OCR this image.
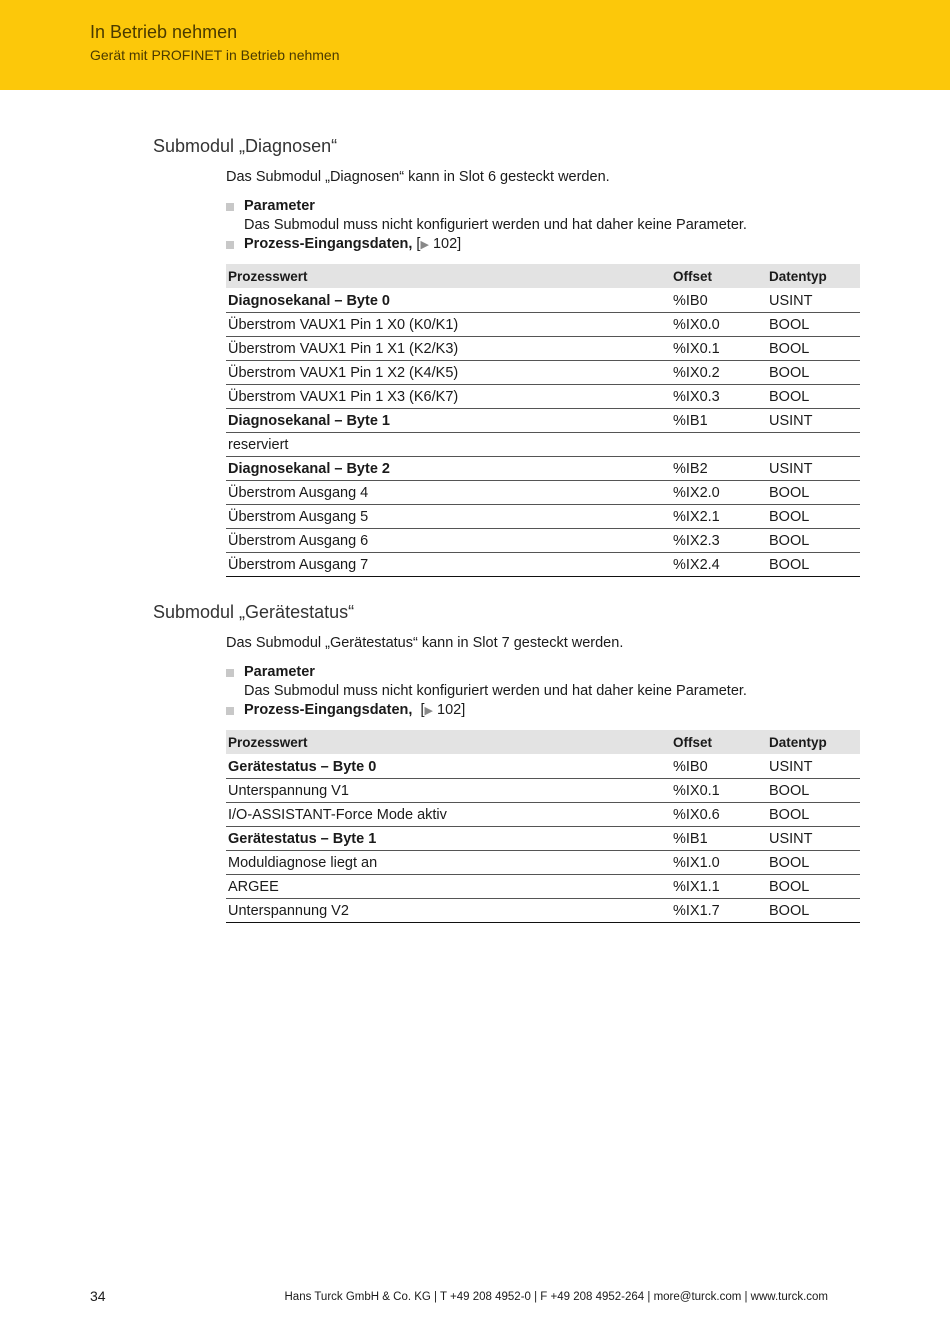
In Betrieb nehmen
Gerät mit PROFINET in Betrieb nehmen
Submodul „Diagnosen“
Das Submodul „Diagnosen“ kann in Slot 6 gesteckt werden.
Parameter
Das Submodul muss nicht konfiguriert werden und hat daher keine Parameter.
Prozess-Eingangsdaten, [▶ 102]
Prozesswert	Offset	Datentyp
Diagnosekanal – Byte 0	%IB0	USINT
Überstrom VAUX1 Pin 1 X0 (K0/K1)	%IX0.0	BOOL
Überstrom VAUX1 Pin 1 X1 (K2/K3)	%IX0.1	BOOL
Überstrom VAUX1 Pin 1 X2 (K4/K5)	%IX0.2	BOOL
Überstrom VAUX1 Pin 1 X3 (K6/K7)	%IX0.3	BOOL
Diagnosekanal – Byte 1	%IB1	USINT
reserviert		
Diagnosekanal – Byte 2	%IB2	USINT
Überstrom Ausgang 4	%IX2.0	BOOL
Überstrom Ausgang 5	%IX2.1	BOOL
Überstrom Ausgang 6	%IX2.3	BOOL
Überstrom Ausgang 7	%IX2.4	BOOL
Submodul „Gerätestatus“
Das Submodul „Gerätestatus“ kann in Slot 7 gesteckt werden.
Parameter
Das Submodul muss nicht konfiguriert werden und hat daher keine Parameter.
Prozess-Eingangsdaten,  [▶ 102]
Prozesswert	Offset	Datentyp
Gerätestatus – Byte 0	%IB0	USINT
Unterspannung V1	%IX0.1	BOOL
I/O-ASSISTANT-Force Mode aktiv	%IX0.6	BOOL
Gerätestatus – Byte 1	%IB1	USINT
Moduldiagnose liegt an	%IX1.0	BOOL
ARGEE	%IX1.1	BOOL
Unterspannung V2	%IX1.7	BOOL
34	Hans Turck GmbH & Co. KG | T +49 208 4952-0 | F +49 208 4952-264 | more@turck.com | www.turck.com
